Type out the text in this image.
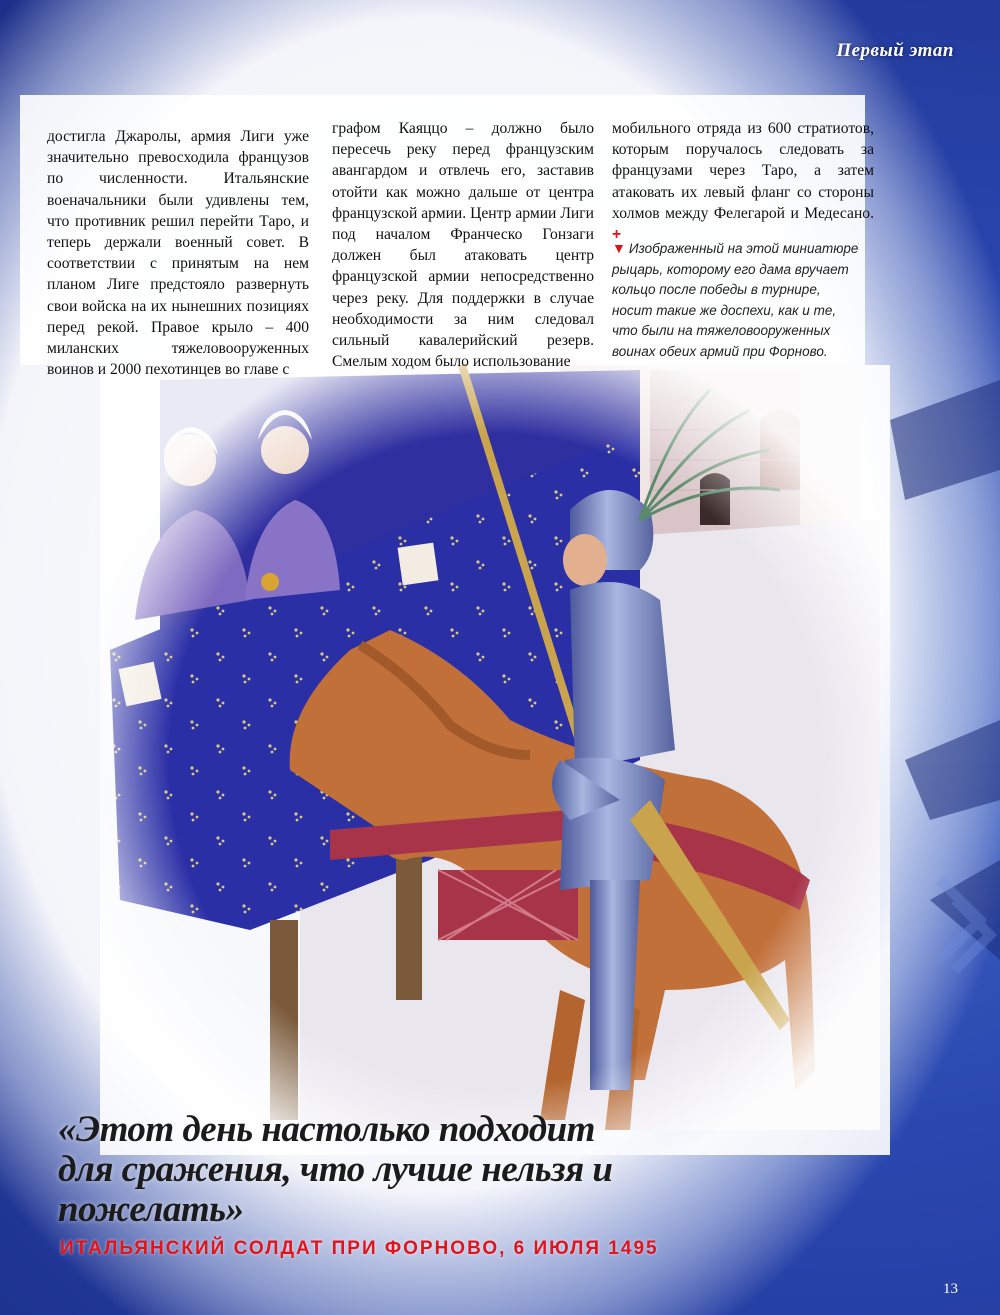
Первый этап
достигла Джаролы, армия Лиги уже значительно превосходила французов по численности. Итальянские военачальники были удивлены тем, что противник решил перейти Таро, и теперь держали военный совет. В соответствии с принятым на нем планом Лиге предстояло развернуть свои войска на их нынешних позициях перед рекой. Правое крыло – 400 миланских тяжеловооруженных воинов и 2000 пехотинцев во главе с
графом Каяццо – должно было пересечь реку перед французским авангардом и отвлечь его, заставив отойти как можно дальше от центра французской армии. Центр армии Лиги под началом Франческо Гонзаги должен был атаковать центр французской армии непосредственно через реку. Для поддержки в случае необходимости за ним следовал сильный кавалерийский резерв. Смелым ходом было использование
мобильного отряда из 600 стратиотов, которым поручалось следовать за французами через Таро, а затем атаковать их левый фланг со стороны холмов между Фелегарой и Медесано. +
▼ Изображенный на этой миниатюре рыцарь, которому его дама вручает кольцо после победы в турнире, носит такие же доспехи, как и те, что были на тяжеловооруженных воинах обеих армий при Форново.
«Этот день настолько подходит для сражения, что лучше нельзя и пожелать»
ИТАЛЬЯНСКИЙ СОЛДАТ ПРИ ФОРНОВО, 6 ИЮЛЯ 1495
13
